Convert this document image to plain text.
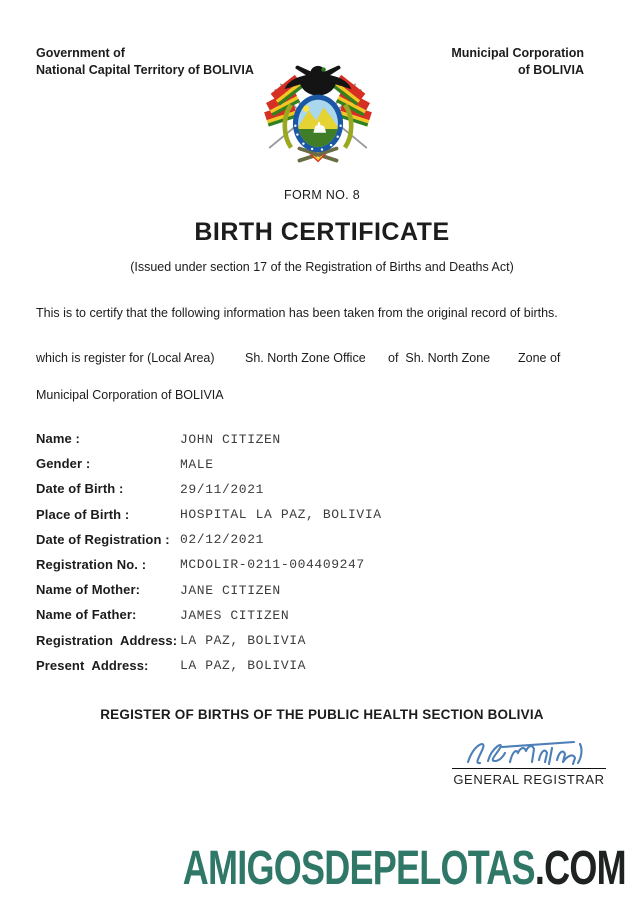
Government of
National Capital Territory of BOLIVIA
Municipal Corporation
of BOLIVIA
FORM NO. 8
BIRTH CERTIFICATE
(Issued under section 17 of the Registration of Births and Deaths Act)
This is to certify that the following information has been taken from the original record of births.
which is register for (Local Area) Sh. North Zone Office of  Sh. North Zone Zone of
Municipal Corporation of BOLIVIA
Name :	JOHN CITIZEN
Gender :	MALE
Date of Birth :	29/11/2021
Place of Birth :	HOSPITAL LA PAZ, BOLIVIA
Date of Registration : 02/12/2021
Registration No. :	MCDOLIR-0211-004409247
Name of Mother:	JANE CITIZEN
Name of Father:	JAMES CITIZEN
Registration  Address: LA PAZ, BOLIVIA
Present  Address: LA PAZ, BOLIVIA
REGISTER OF BIRTHS OF THE PUBLIC HEALTH SECTION BOLIVIA
GENERAL REGISTRAR
AMIGOSDEPELOTAS.COM
